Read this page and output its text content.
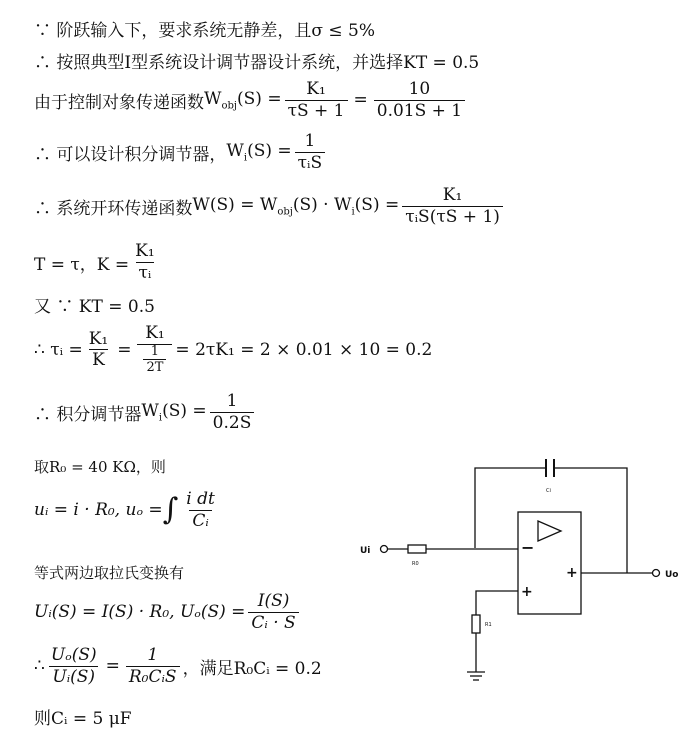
∵ 阶跃输入下，要求系统无静差，且σ ≤ 5%
∴ 按照典型I型系统设计调节器设计系统，并选择KT = 0.5
由于控制对象传递函数 $W_{obj}(S) = \frac{\text{K₁}}{\tau S + 1} = \frac{10}{0.01S + 1}$
∴ 可以设计积分调节器， $W_i(S) = \frac{1}{\text{τᵢS}}$
∴ 系统开环传递函数 $W(S) = W_{obj}(S) \cdot W_i(S) = \frac{\text{K₁}}{\text{τᵢS(τS + 1)}}$
T = τ，$K = \frac{\text{K₁}}{\text{τᵢ}}$
又 ∵ KT = 0.5
∴ τᵢ = $\frac{\text{K₁}}{K} = \frac{\text{K₁}}{\frac{1}{2T}} = 2\tau K_1 = 2 \times 0.01 \times 10 = 0.2$
∴ 积分调节器 $W_i(S) = \frac{1}{0.2S}$
取R₀ = 40 KΩ，则
uᵢ = i · R₀, uₒ = ∫ $\frac{\text{i dt}}{\text{Cᵢ}}$
等式两边取拉氏变换有
Uᵢ(S) = I(S) · R₀, $U_o(S) = \frac{I(S)}{\text{Cᵢ · S}}$
∴ $\frac{\text{Uₒ(S)}}{\text{Uᵢ(S)}} = \frac{1}{\text{R₀CᵢS}}$ ，满足R₀Cᵢ = 0.2
则Cᵢ = 5 μF
Ui
Uo
Ci
R0
R1
−
+
+
